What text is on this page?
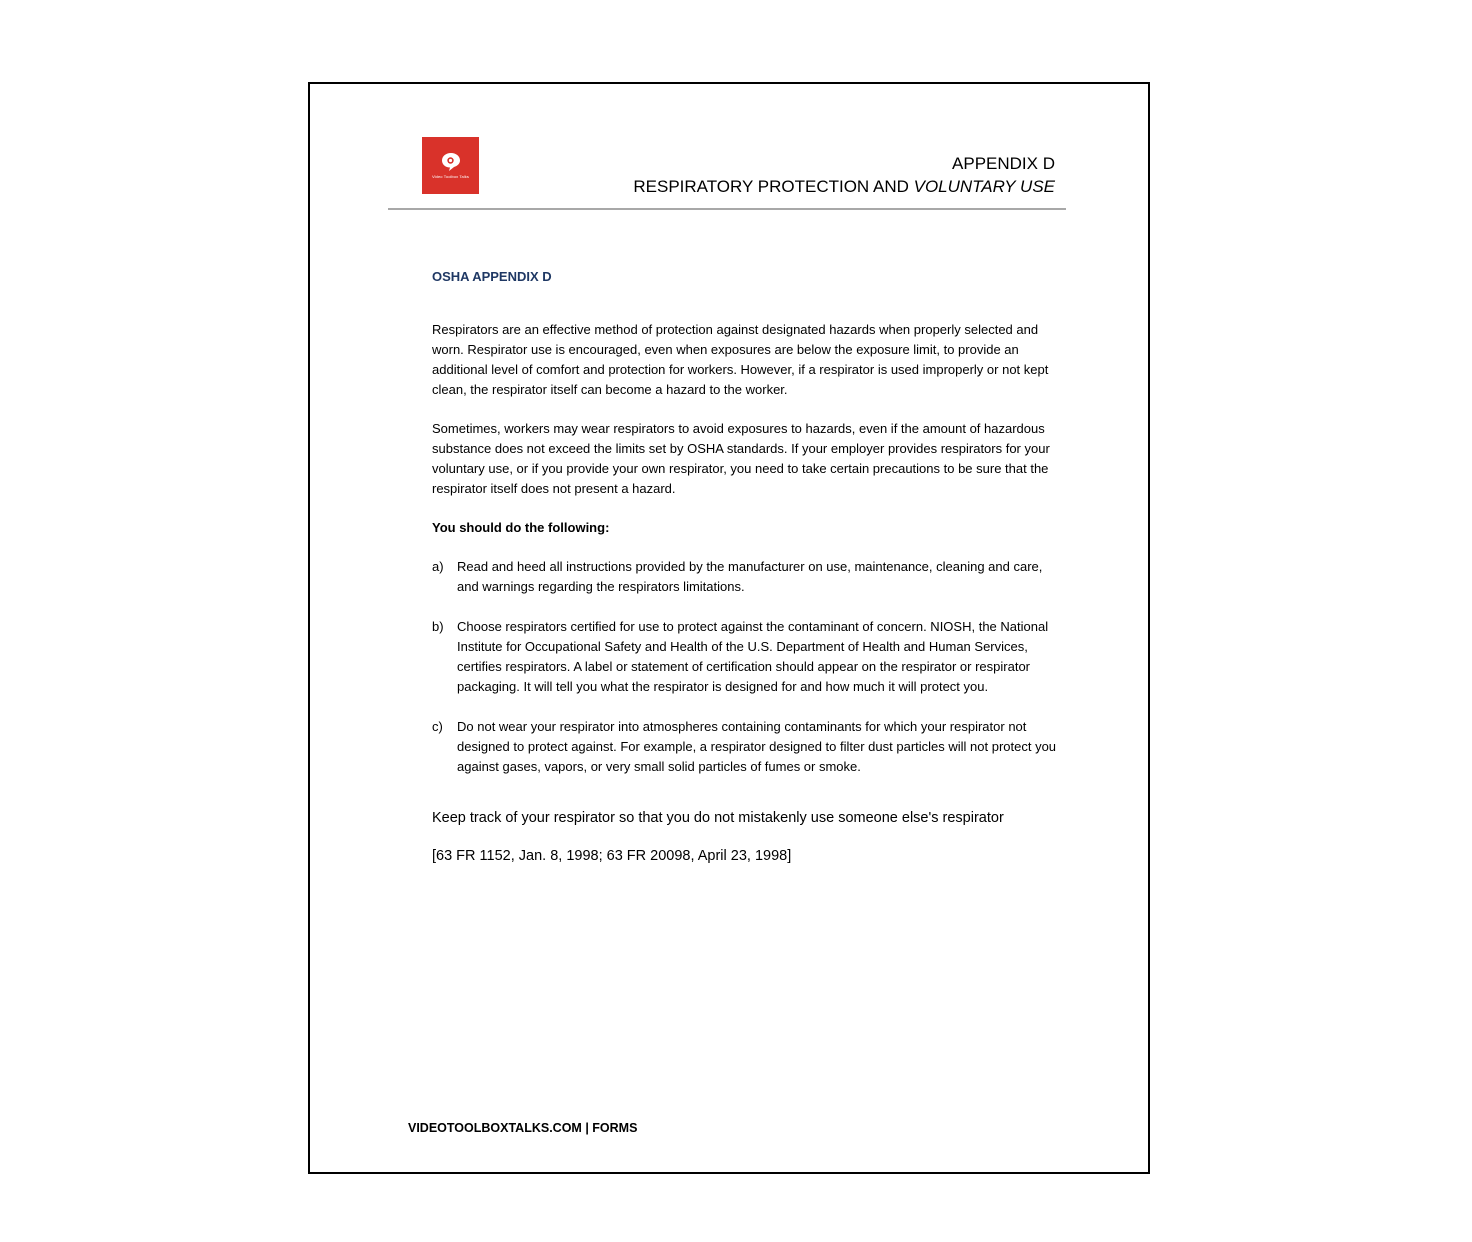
Video Toolbox Talks
APPENDIX D
RESPIRATORY PROTECTION AND VOLUNTARY USE
OSHA APPENDIX D

Respirators are an effective method of protection against designated hazards when properly selected and worn. Respirator use is encouraged, even when exposures are below the exposure limit, to provide an additional level of comfort and protection for workers. However, if a respirator is used improperly or not kept clean, the respirator itself can become a hazard to the worker.

Sometimes, workers may wear respirators to avoid exposures to hazards, even if the amount of hazardous substance does not exceed the limits set by OSHA standards. If your employer provides respirators for your voluntary use, or if you provide your own respirator, you need to take certain precautions to be sure that the respirator itself does not present a hazard.

You should do the following:

a)	Read and heed all instructions provided by the manufacturer on use, maintenance, cleaning and care, and warnings regarding the respirators limitations.
b)	Choose respirators certified for use to protect against the contaminant of concern. NIOSH, the National Institute for Occupational Safety and Health of the U.S. Department of Health and Human Services, certifies respirators. A label or statement of certification should appear on the respirator or respirator packaging. It will tell you what the respirator is designed for and how much it will protect you.
c)	Do not wear your respirator into atmospheres containing contaminants for which your respirator not designed to protect against. For example, a respirator designed to filter dust particles will not protect you against gases, vapors, or very small solid particles of fumes or smoke.

Keep track of your respirator so that you do not mistakenly use someone else's respirator

[63 FR 1152, Jan. 8, 1998; 63 FR 20098, April 23, 1998]

VIDEOTOOLBOXTALKS.COM | FORMS
